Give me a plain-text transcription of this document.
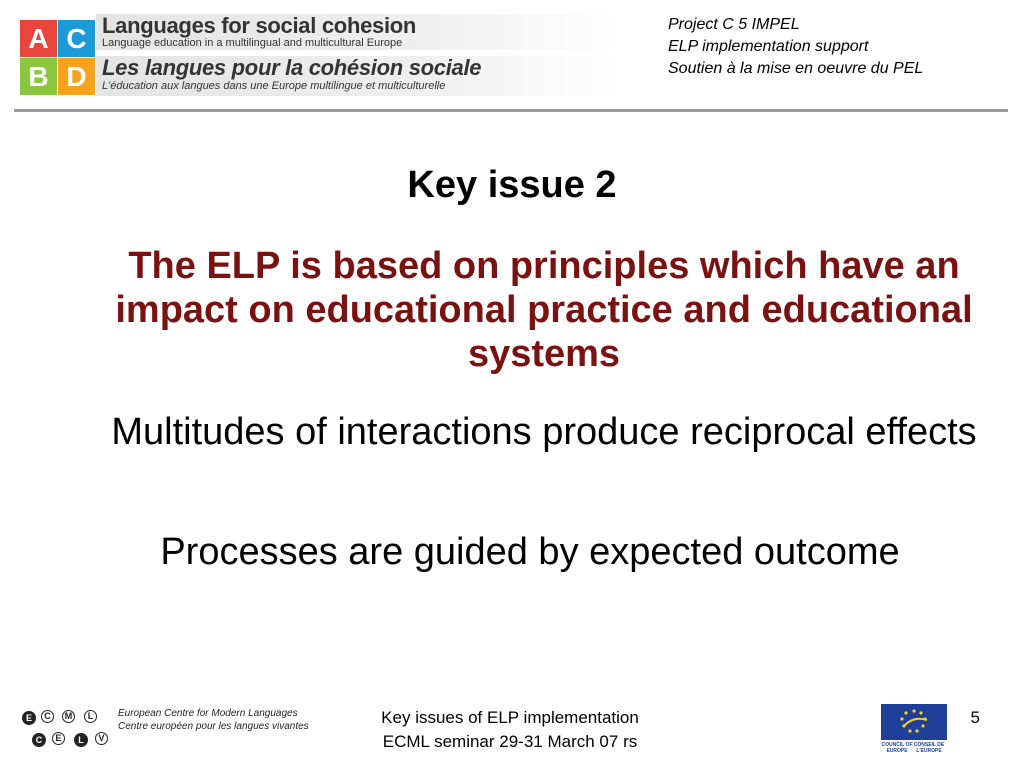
A C
B D
Languages for social cohesion
Language education in a multilingual and multicultural Europe
Les langues pour la cohésion sociale
L'éducation aux langues dans une Europe multilingue et multiculturelle
Project C 5 IMPEL
ELP implementation support
Soutien à la mise en oeuvre du PEL
Key issue 2
The ELP is based on principles which have an impact on educational practice and educational systems
Multitudes of interactions produce reciprocal effects
Processes are guided by expected outcome
E	C	M	L
C	E	L	V
European Centre for Modern Languages
Centre européen pour les langues vivantes	Key issues of ELP implementation
ECML seminar 29-31 March 07 rs	COUNCIL OF EUROPECONSEIL DE L'EUROPE
5
